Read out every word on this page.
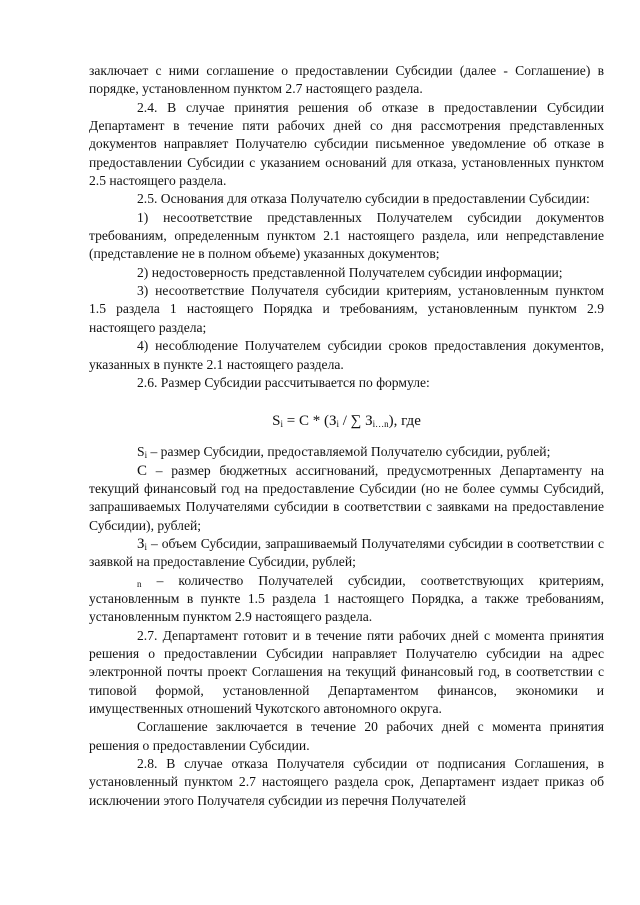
заключает с ними соглашение о предоставлении Субсидии (далее - Соглашение) в порядке, установленном пунктом 2.7 настоящего раздела.

2.4. В случае принятия решения об отказе в предоставлении Субсидии Департамент в течение пяти рабочих дней со дня рассмотрения представленных документов направляет Получателю субсидии письменное уведомление об отказе в предоставлении Субсидии с указанием оснований для отказа, установленных пунктом 2.5 настоящего раздела.

2.5. Основания для отказа Получателю субсидии в предоставлении Субсидии:

1) несоответствие представленных Получателем субсидии документов требованиям, определенным пунктом 2.1 настоящего раздела, или непредставление (представление не в полном объеме) указанных документов;

2) недостоверность представленной Получателем субсидии информации;

3) несоответствие Получателя субсидии критериям, установленным пунктом 1.5 раздела 1 настоящего Порядка и требованиям, установленным пунктом 2.9 настоящего раздела;

4) несоблюдение Получателем субсидии сроков предоставления документов, указанных в пункте 2.1 настоящего раздела.

2.6. Размер Субсидии рассчитывается по формуле:

$S_i = С * (З_i$ / ∑ $З_{i\dots n}$), где

$S_i$ – размер Субсидии, предоставляемой Получателю субсидии, рублей;

С – размер бюджетных ассигнований, предусмотренных Департаменту на текущий финансовый год на предоставление Субсидии (но не более суммы Субсидий, запрашиваемых Получателями субсидии в соответствии с заявками на предоставление Субсидии), рублей;

$З_i$ – объем Субсидии, запрашиваемый Получателями субсидии в соответствии с заявкой на предоставление Субсидии, рублей;

$_n$ – количество Получателей субсидии, соответствующих критериям, установленным в пункте 1.5 раздела 1 настоящего Порядка, а также требованиям, установленным пунктом 2.9 настоящего раздела.

2.7. Департамент готовит и в течение пяти рабочих дней с момента принятия решения о предоставлении Субсидии направляет Получателю субсидии на адрес электронной почты проект Соглашения на текущий финансовый год, в соответствии с типовой формой, установленной Департаментом финансов, экономики и имущественных отношений Чукотского автономного округа.

Соглашение заключается в течение 20 рабочих дней с момента принятия решения о предоставлении Субсидии.

2.8. В случае отказа Получателя субсидии от подписания Соглашения, в установленный пунктом 2.7 настоящего раздела срок, Департамент издает приказ об исключении этого Получателя субсидии из перечня Получателей
